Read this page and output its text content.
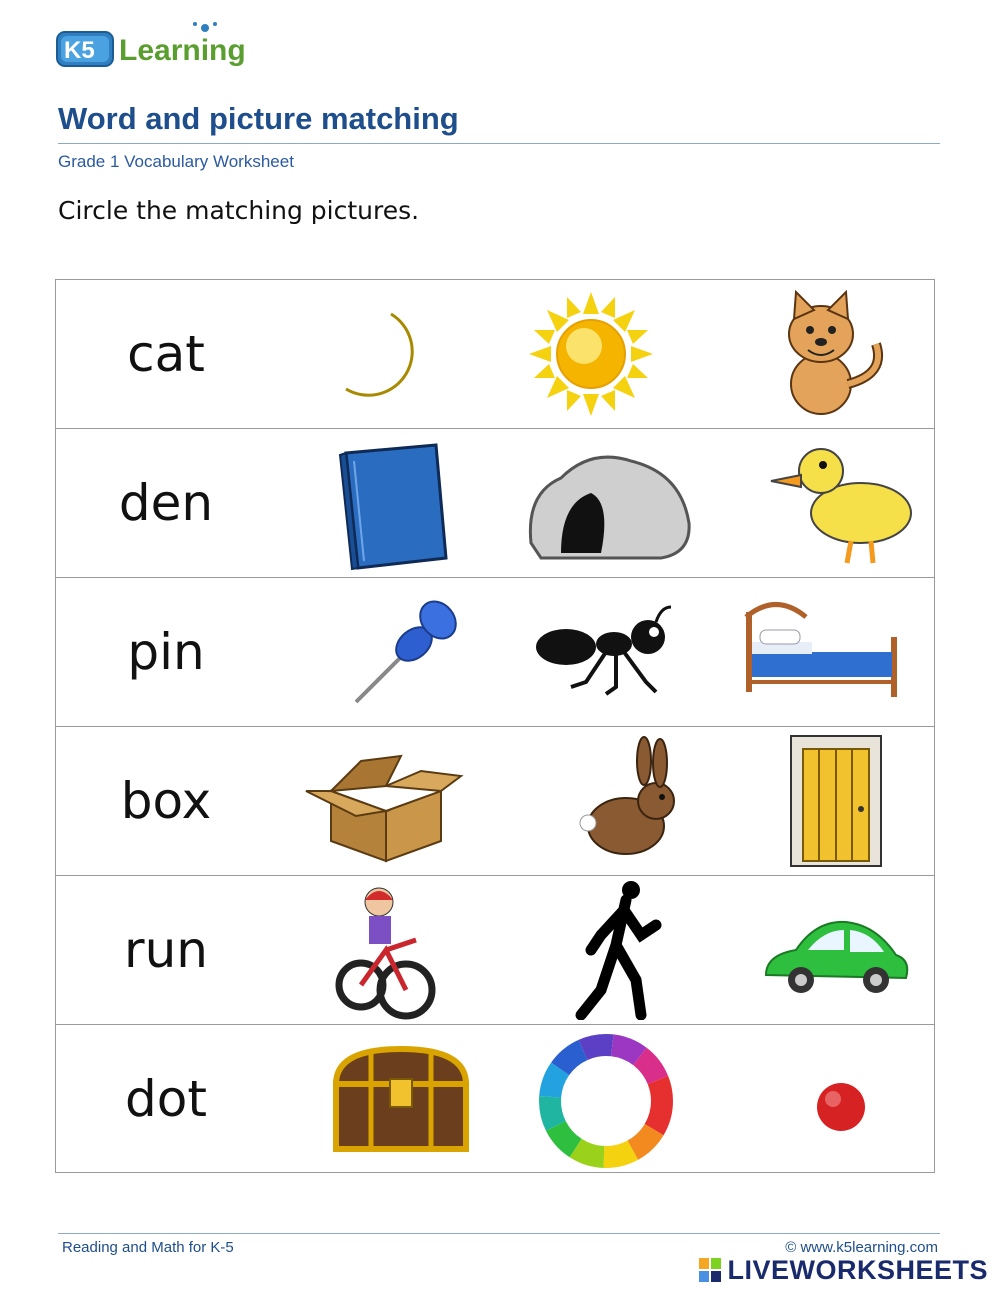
K5 Learning
Word and picture matching
Grade 1 Vocabulary Worksheet
Circle the matching pictures.
cat
den
pin
box
run
dot
Reading and Math for K-5	© www.k5learning.com
LIVEWORKSHEETS
